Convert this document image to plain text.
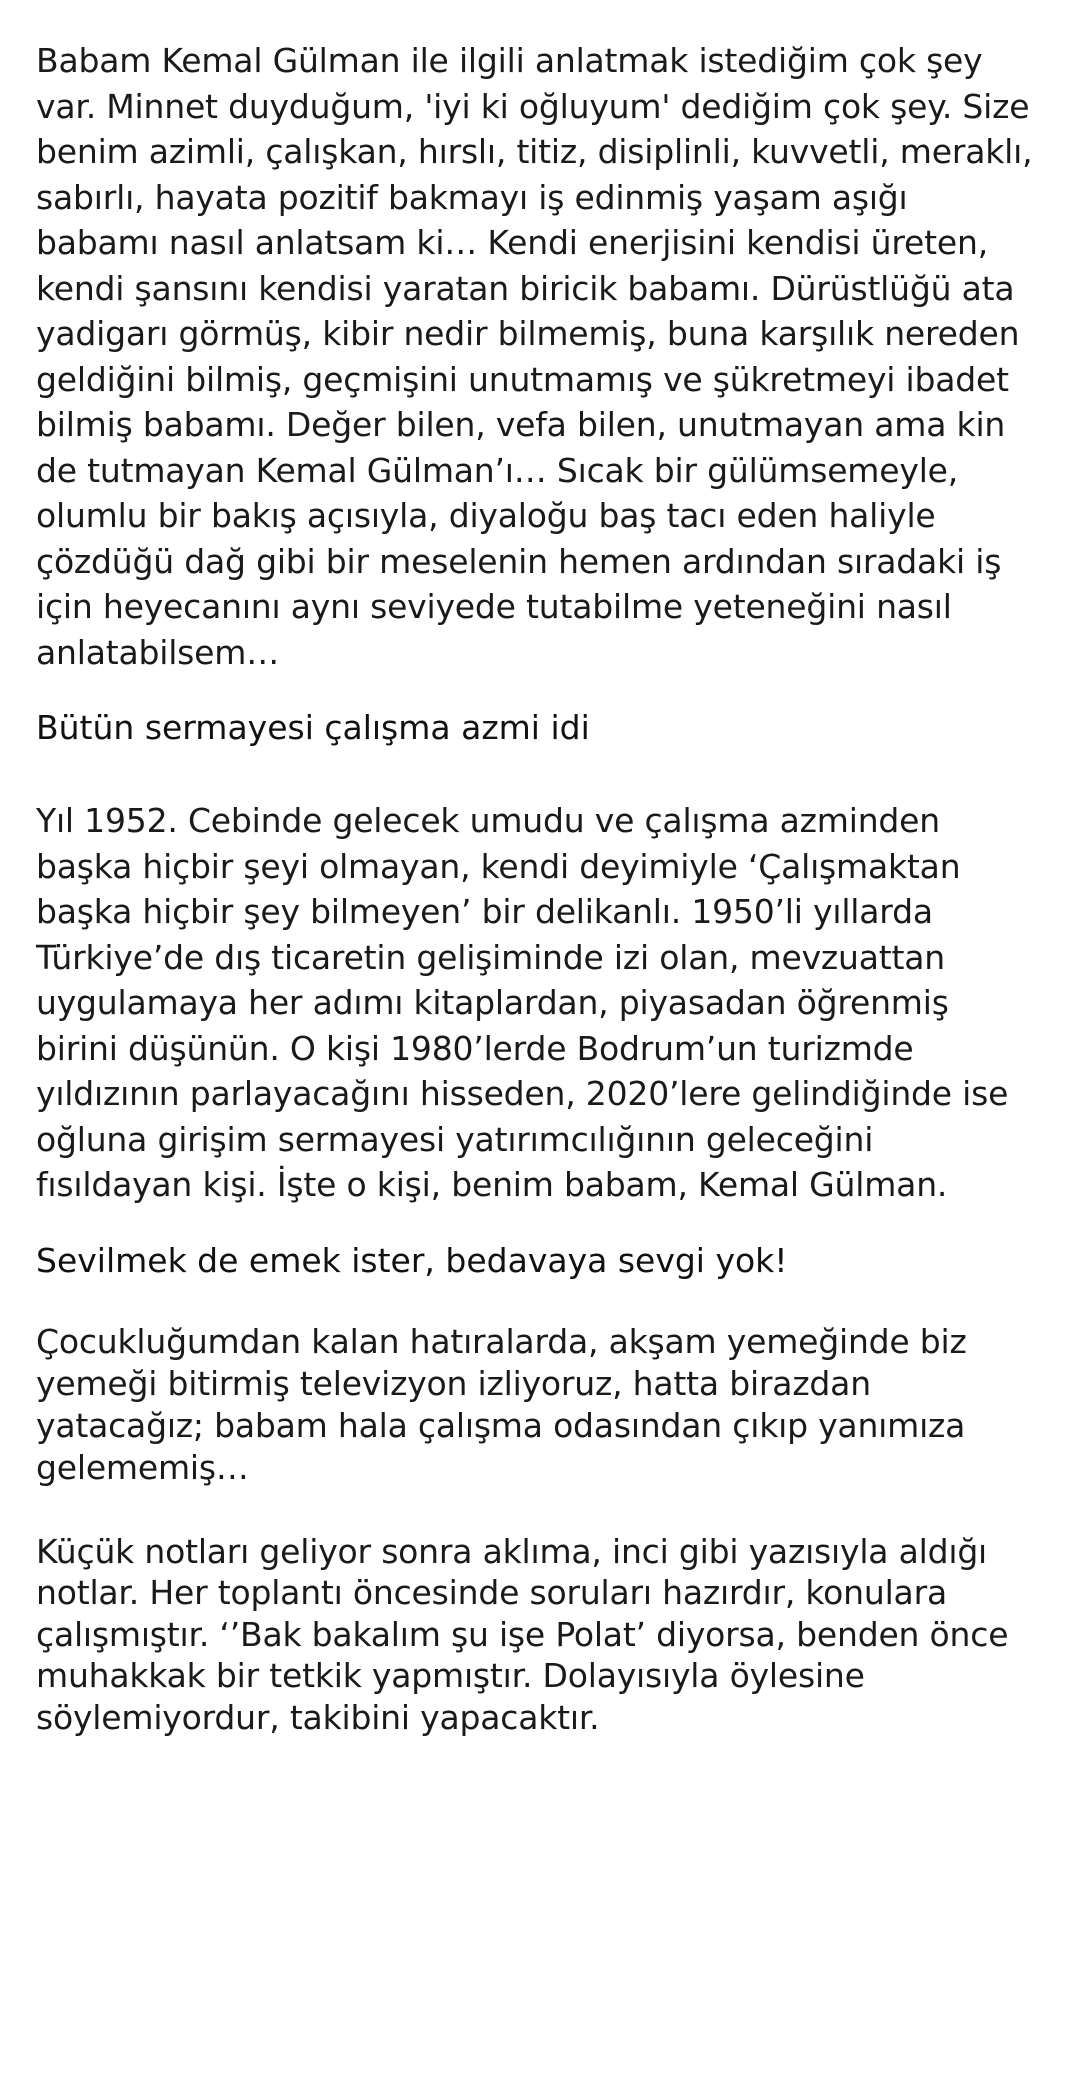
Babam Kemal Gülman ile ilgili anlatmak istediğim çok şey var. Minnet duyduğum, 'iyi ki oğluyum' dediğim çok şey. Size benim azimli, çalışkan, hırslı, titiz, disiplinli, kuvvetli, meraklı, sabırlı, hayata pozitif bakmayı iş edinmiş yaşam aşığı babamı nasıl anlatsam ki… Kendi enerjisini kendisi üreten, kendi şansını kendisi yaratan biricik babamı. Dürüstlüğü ata yadigarı görmüş, kibir nedir bilmemiş, buna karşılık nereden geldiğini bilmiş, geçmişini unutmamış ve şükretmeyi ibadet bilmiş babamı. Değer bilen, vefa bilen, unutmayan ama kin de tutmayan Kemal Gülman’ı… Sıcak bir gülümsemeyle, olumlu bir bakış açısıyla, diyaloğu baş tacı eden haliyle çözdüğü dağ gibi bir meselenin hemen ardından sıradaki iş için heyecanını aynı seviyede tutabilme yeteneğini nasıl anlatabilsem…

Bütün sermayesi çalışma azmi idi

Yıl 1952. Cebinde gelecek umudu ve çalışma azminden başka hiçbir şeyi olmayan, kendi deyimiyle ‘Çalışmaktan başka hiçbir şey bilmeyen’ bir delikanlı. 1950’li yıllarda Türkiye’de dış ticaretin gelişiminde izi olan, mevzuattan uygulamaya her adımı kitaplardan, piyasadan öğrenmiş birini düşünün. O kişi 1980’lerde Bodrum’un turizmde yıldızının parlayacağını hisseden, 2020’lere gelindiğinde ise oğluna girişim sermayesi yatırımcılığının geleceğini fısıldayan kişi. İşte o kişi, benim babam, Kemal Gülman.

Sevilmek de emek ister, bedavaya sevgi yok!

Çocukluğumdan kalan hatıralarda, akşam yemeğinde biz yemeği bitirmiş televizyon izliyoruz, hatta birazdan yatacağız; babam hala çalışma odasından çıkıp yanımıza gelememiş…

Küçük notları geliyor sonra aklıma, inci gibi yazısıyla aldığı notlar. Her toplantı öncesinde soruları hazırdır, konulara çalışmıştır. ‘’Bak bakalım şu işe Polat’ diyorsa, benden önce muhakkak bir tetkik yapmıştır. Dolayısıyla öylesine söylemiyordur, takibini yapacaktır.
